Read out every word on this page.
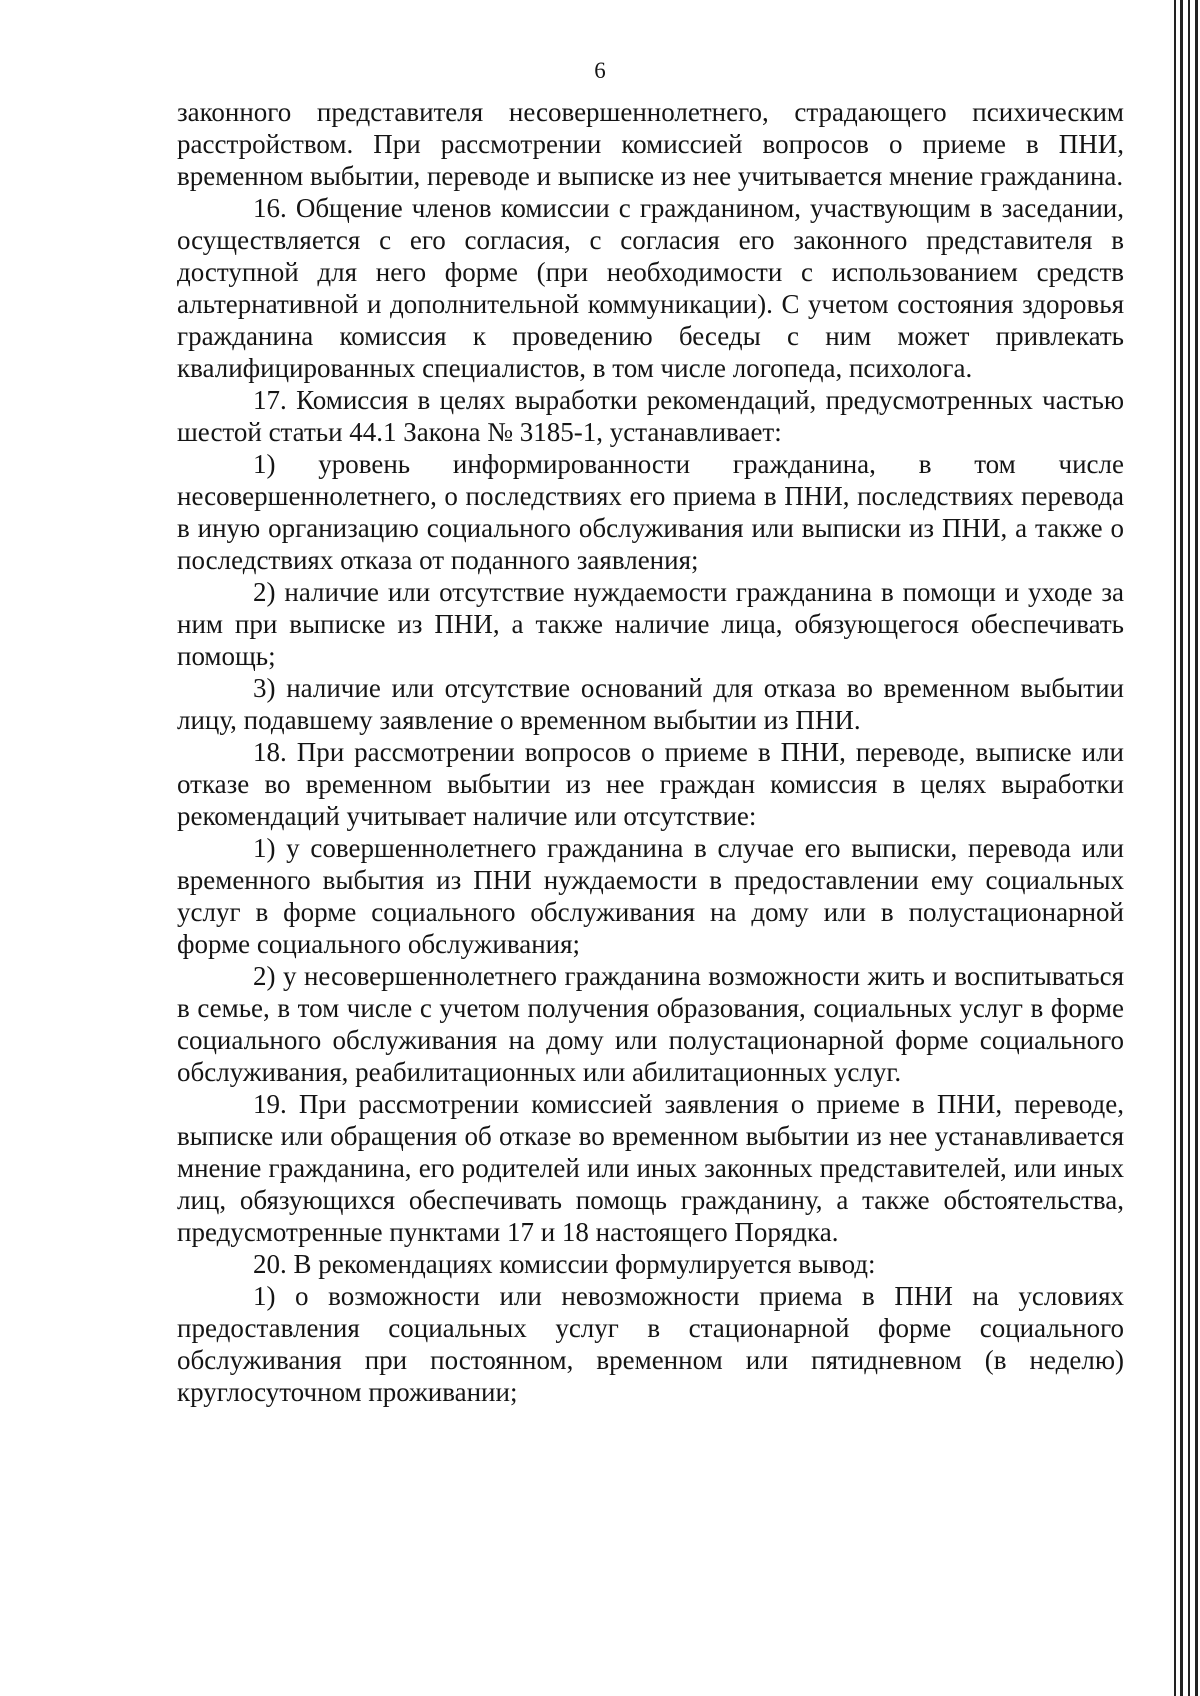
6

законного представителя несовершеннолетнего, страдающего психическим расстройством. При рассмотрении комиссией вопросов о приеме в ПНИ, временном выбытии, переводе и выписке из нее учитывается мнение гражданина.

16. Общение членов комиссии с гражданином, участвующим в заседании, осуществляется с его согласия, с согласия его законного представителя в доступной для него форме (при необходимости с использованием средств альтернативной и дополнительной коммуникации). С учетом состояния здоровья гражданина комиссия к проведению беседы с ним может привлекать квалифицированных специалистов, в том числе логопеда, психолога.

17. Комиссия в целях выработки рекомендаций, предусмотренных частью шестой статьи 44.1 Закона № 3185-1, устанавливает:

1) уровень информированности гражданина, в том числе несовершеннолетнего, о последствиях его приема в ПНИ, последствиях перевода в иную организацию социального обслуживания или выписки из ПНИ, а также о последствиях отказа от поданного заявления;

2) наличие или отсутствие нуждаемости гражданина в помощи и уходе за ним при выписке из ПНИ, а также наличие лица, обязующегося обеспечивать помощь;

3) наличие или отсутствие оснований для отказа во временном выбытии лицу, подавшему заявление о временном выбытии из ПНИ.

18. При рассмотрении вопросов о приеме в ПНИ, переводе, выписке или отказе во временном выбытии из нее граждан комиссия в целях выработки рекомендаций учитывает наличие или отсутствие:

1) у совершеннолетнего гражданина в случае его выписки, перевода или временного выбытия из ПНИ нуждаемости в предоставлении ему социальных услуг в форме социального обслуживания на дому или в полустационарной форме социального обслуживания;

2) у несовершеннолетнего гражданина возможности жить и воспитываться в семье, в том числе с учетом получения образования, социальных услуг в форме социального обслуживания на дому или полустационарной форме социального обслуживания, реабилитационных или абилитационных услуг.

19. При рассмотрении комиссией заявления о приеме в ПНИ, переводе, выписке или обращения об отказе во временном выбытии из нее устанавливается мнение гражданина, его родителей или иных законных представителей, или иных лиц, обязующихся обеспечивать помощь гражданину, а также обстоятельства, предусмотренные пунктами 17 и 18 настоящего Порядка.

20. В рекомендациях комиссии формулируется вывод:

1) о возможности или невозможности приема в ПНИ на условиях предоставления социальных услуг в стационарной форме социального обслуживания при постоянном, временном или пятидневном (в неделю) круглосуточном проживании;
